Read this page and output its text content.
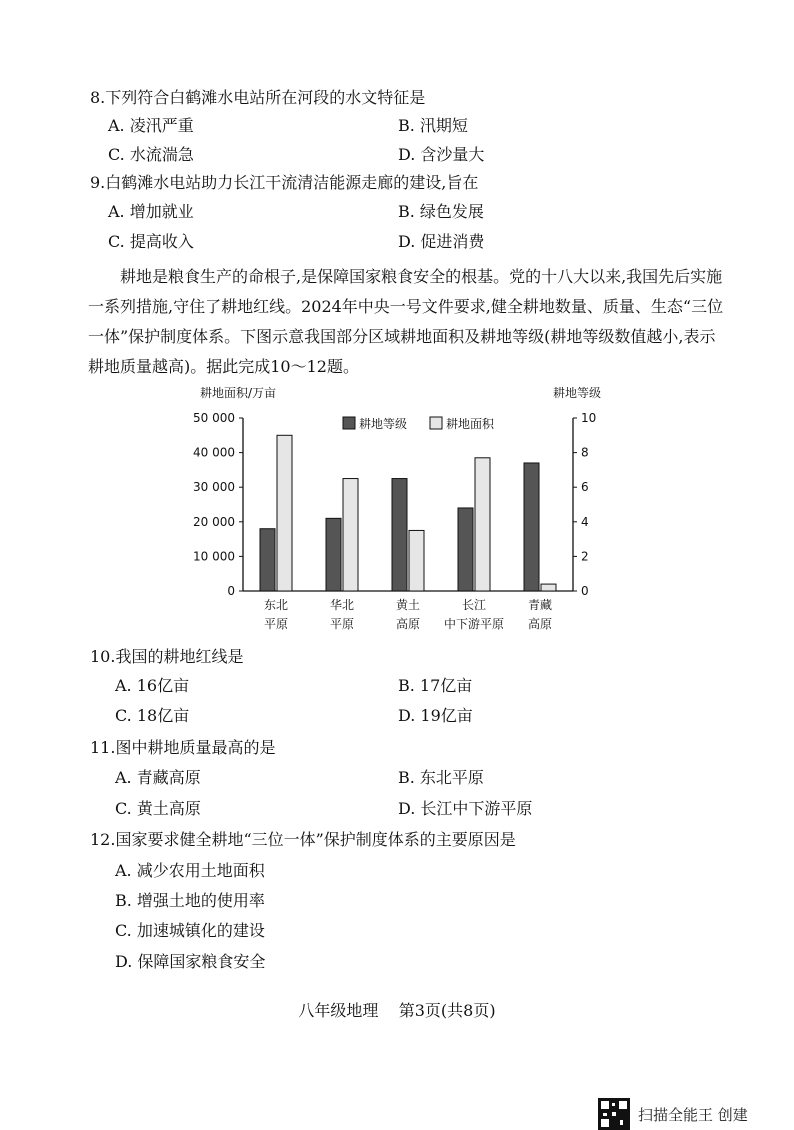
8.下列符合白鹤滩水电站所在河段的水文特征是
A. 凌汛严重	B. 汛期短
C. 水流湍急	D. 含沙量大
9.白鹤滩水电站助力长江干流清洁能源走廊的建设,旨在
A. 增加就业	B. 绿色发展
C. 提高收入	D. 促进消费
耕地是粮食生产的命根子,是保障国家粮食安全的根基。党的十八大以来,我国先后实施一系列措施,守住了耕地红线。2024年中央一号文件要求,健全耕地数量、质量、生态“三位一体”保护制度体系。下图示意我国部分区域耕地面积及耕地等级(耕地等级数值越小,表示耕地质量越高)。据此完成10～12题。
耕地面积/万亩	耕地等级
50 000
40 000
30 000
20 000
10 000
0
10
8
6
4
2
0
东北
平原
华北
平原
黄土
高原
长江
中下游平原
青藏
高原
耕地等级	耕地面积
10.我国的耕地红线是
A. 16亿亩	B. 17亿亩
C. 18亿亩	D. 19亿亩
11.图中耕地质量最高的是
A. 青藏高原	B. 东北平原
C. 黄土高原	D. 长江中下游平原
12.国家要求健全耕地“三位一体”保护制度体系的主要原因是
A. 减少农用土地面积
B. 增强土地的使用率
C. 加速城镇化的建设
D. 保障国家粮食安全
八年级地理    第3页(共8页)
扫描全能王 创建
